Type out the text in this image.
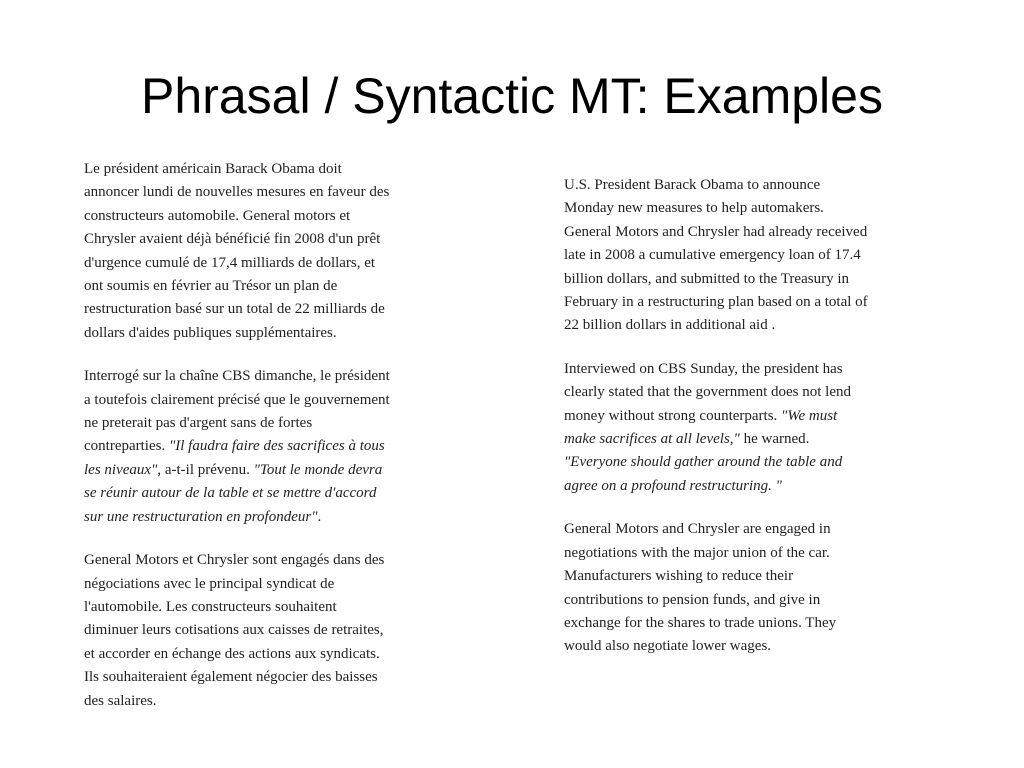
Phrasal / Syntactic MT: Examples

Le président américain Barack Obama doit
annoncer lundi de nouvelles mesures en faveur des
constructeurs automobile. General motors et
Chrysler avaient déjà bénéficié fin 2008 d'un prêt
d'urgence cumulé de 17,4 milliards de dollars, et
ont soumis en février au Trésor un plan de
restructuration basé sur un total de 22 milliards de
dollars d'aides publiques supplémentaires.

Interrogé sur la chaîne CBS dimanche, le président
a toutefois clairement précisé que le gouvernement
ne preterait pas d'argent sans de fortes
contreparties. "Il faudra faire des sacrifices à tous
les niveaux", a-t-il prévenu. "Tout le monde devra
se réunir autour de la table et se mettre d'accord
sur une restructuration en profondeur".

General Motors et Chrysler sont engagés dans des
négociations avec le principal syndicat de
l'automobile. Les constructeurs souhaitent
diminuer leurs cotisations aux caisses de retraites,
et accorder en échange des actions aux syndicats.
Ils souhaiteraient également négocier des baisses
des salaires.

U.S. President Barack Obama to announce
Monday new measures to help automakers.
General Motors and Chrysler had already received
late in 2008 a cumulative emergency loan of 17.4
billion dollars, and submitted to the Treasury in
February in a restructuring plan based on a total of
22 billion dollars in additional aid .

Interviewed on CBS Sunday, the president has
clearly stated that the government does not lend
money without strong counterparts. "We must
make sacrifices at all levels," he warned.
"Everyone should gather around the table and
agree on a profound restructuring. "

General Motors and Chrysler are engaged in
negotiations with the major union of the car.
Manufacturers wishing to reduce their
contributions to pension funds, and give in
exchange for the shares to trade unions. They
would also negotiate lower wages.
